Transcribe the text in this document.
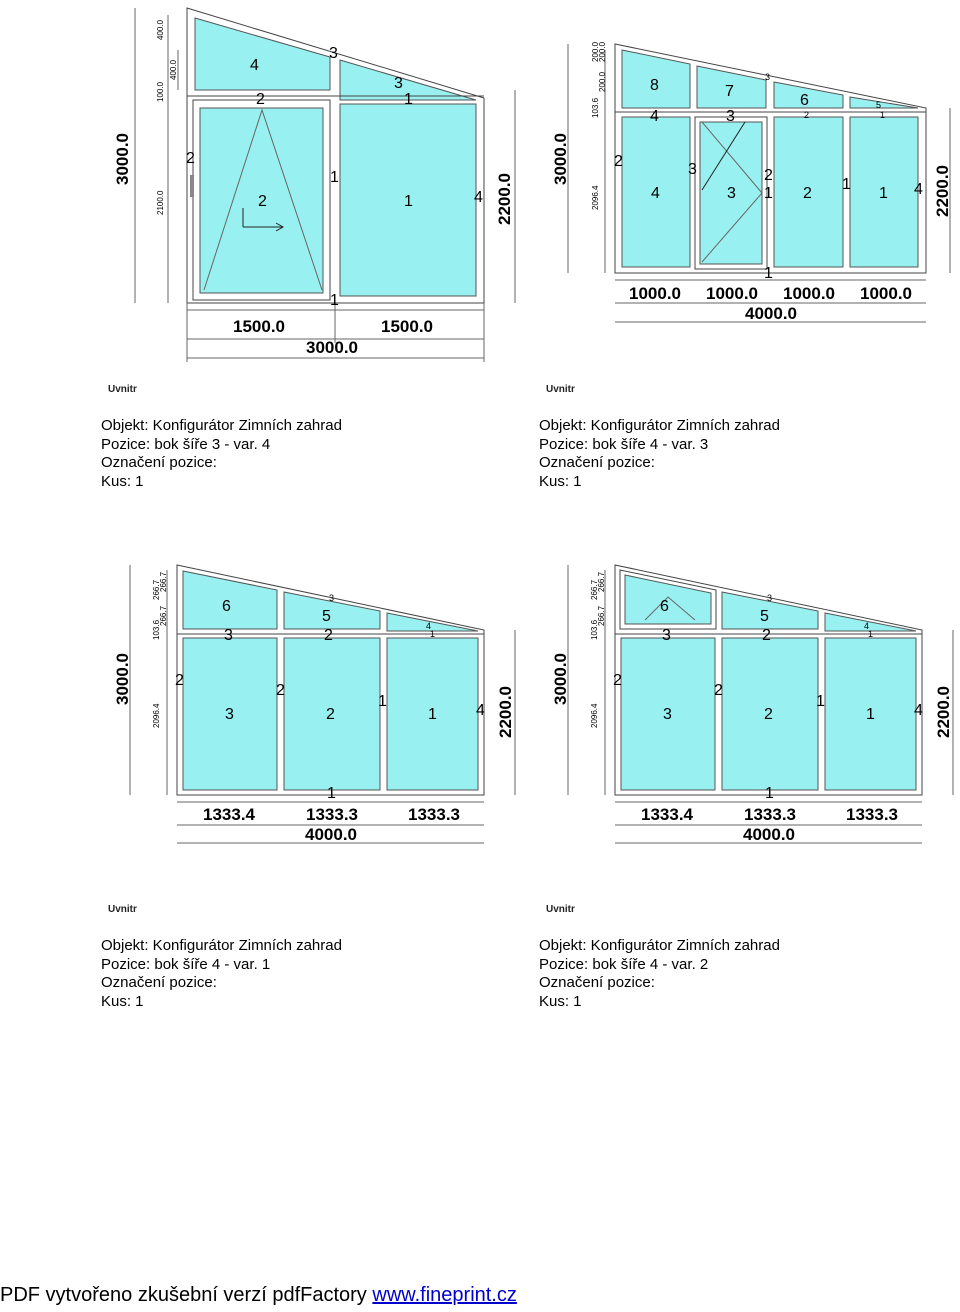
3000.0
2200.0
400.0
100.0
2100.0
400.0
1500.0	1500.0
3000.0
4
3
2
3
1
2
1
2	1	4
1
3000.0
2200.0
200.0
200.0
200.0
103.6
2096.4
1000.0 1000.0 1000.0 1000.0
4000.0
8	7
6	5
4	3	2	1
2	3	2
1
4	3 1 2	1 4
1
3
3000.0
2200.0
266.7
266.7
266.7
103.6
2096.4
1333.4	1333.3	1333.3
4000.0
6	3
5
2
3
4
1
2
2
1
3	2	1 4
1
3000.0
2200.0
266.7
266.7
266.7
103.6
2096.4
1333.4	1333.3	1333.3
4000.0
6	3
5
2
3
4
1
2
2
1
3	2	1 4
1
Uvnitr
Objekt: Konfigurátor Zimních zahrad
Pozice: bok šíře 3 - var. 4
Označení pozice:
Kus: 1
Uvnitr
Objekt: Konfigurátor Zimních zahrad
Pozice: bok šíře 4 - var. 3
Označení pozice:
Kus: 1
Uvnitr
Objekt: Konfigurátor Zimních zahrad
Pozice: bok šíře 4 - var. 1
Označení pozice:
Kus: 1
Uvnitr
Objekt: Konfigurátor Zimních zahrad
Pozice: bok šíře 4 - var. 2
Označení pozice:
Kus: 1
PDF vytvořeno zkušební verzí pdfFactory www.fineprint.cz
